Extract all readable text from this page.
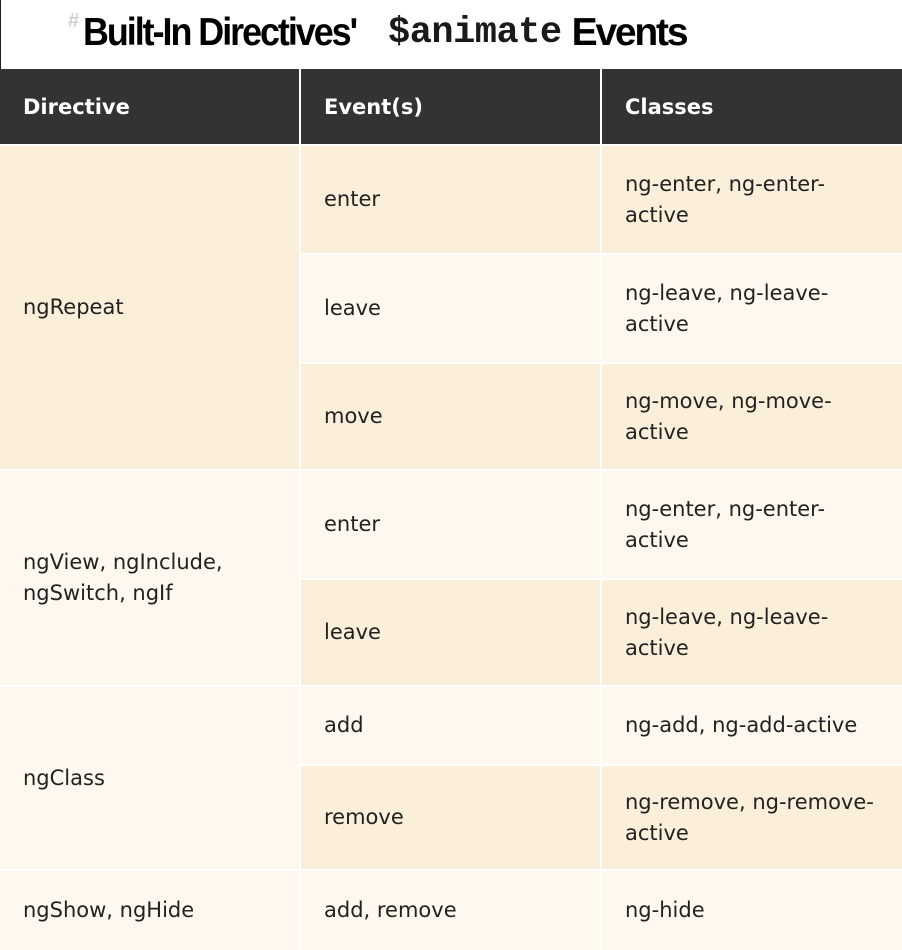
# Built-In Directives' $animate Events
Directive	Event(s)	Classes
ngRepeat	enter	ng-enter, ng-enter-active
	leave	ng-leave, ng-leave-active
	move	ng-move, ng-move-active
ngView, ngInclude, ngSwitch, ngIf	enter	ng-enter, ng-enter-active
	leave	ng-leave, ng-leave-active
ngClass	add	ng-add, ng-add-active
	remove	ng-remove, ng-remove-active
ngShow, ngHide	add, remove	ng-hide
